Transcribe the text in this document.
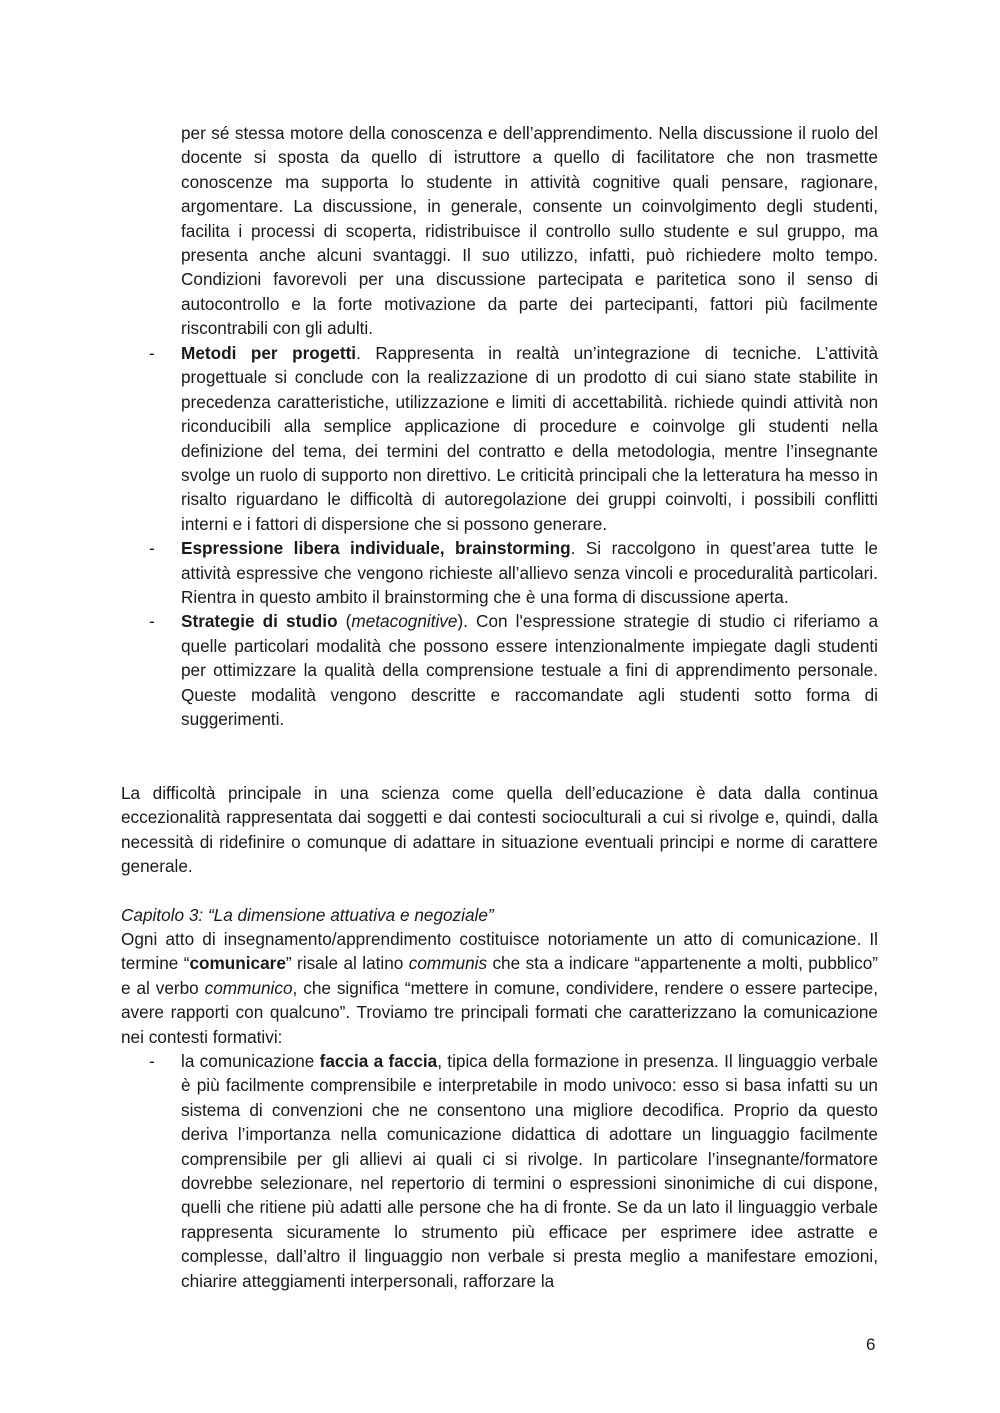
per sé stessa motore della conoscenza e dell’apprendimento. Nella discussione il ruolo del docente si sposta da quello di istruttore a quello di facilitatore che non trasmette conoscenze ma supporta lo studente in attività cognitive quali pensare, ragionare, argomentare. La discussione, in generale, consente un coinvolgimento degli studenti, facilita i processi di scoperta, ridistribuisce il controllo sullo studente e sul gruppo, ma presenta anche alcuni svantaggi. Il suo utilizzo, infatti, può richiedere molto tempo. Condizioni favorevoli per una discussione partecipata e paritetica sono il senso di autocontrollo e la forte motivazione da parte dei partecipanti, fattori più facilmente riscontrabili con gli adulti.

- Metodi per progetti. Rappresenta in realtà un’integrazione di tecniche. L’attività progettuale si conclude con la realizzazione di un prodotto di cui siano state stabilite in precedenza caratteristiche, utilizzazione e limiti di accettabilità. richiede quindi attività non riconducibili alla semplice applicazione di procedure e coinvolge gli studenti nella definizione del tema, dei termini del contratto e della metodologia, mentre l’insegnante svolge un ruolo di supporto non direttivo. Le criticità principali che la letteratura ha messo in risalto riguardano le difficoltà di autoregolazione dei gruppi coinvolti, i possibili conflitti interni e i fattori di dispersione che si possono generare.
- Espressione libera individuale, brainstorming. Si raccolgono in quest’area tutte le attività espressive che vengono richieste all’allievo senza vincoli e proceduralità particolari. Rientra in questo ambito il brainstorming che è una forma di discussione aperta.
- Strategie di studio (metacognitive). Con l'espressione strategie di studio ci riferiamo a quelle particolari modalità che possono essere intenzionalmente impiegate dagli studenti per ottimizzare la qualità della comprensione testuale a fini di apprendimento personale. Queste modalità vengono descritte e raccomandate agli studenti sotto forma di suggerimenti.

La difficoltà principale in una scienza come quella dell’educazione è data dalla continua eccezionalità rappresentata dai soggetti e dai contesti socioculturali a cui si rivolge e, quindi, dalla necessità di ridefinire o comunque di adattare in situazione eventuali principi e norme di carattere generale.

Capitolo 3: “La dimensione attuativa e negoziale”

Ogni atto di insegnamento/apprendimento costituisce notoriamente un atto di comunicazione. Il termine “comunicare” risale al latino communis che sta a indicare “appartenente a molti, pubblico” e al verbo communico, che significa “mettere in comune, condividere, rendere o essere partecipe, avere rapporti con qualcuno”. Troviamo tre principali formati che caratterizzano la comunicazione nei contesti formativi:

- la comunicazione faccia a faccia, tipica della formazione in presenza. Il linguaggio verbale è più facilmente comprensibile e interpretabile in modo univoco: esso si basa infatti su un sistema di convenzioni che ne consentono una migliore decodifica. Proprio da questo deriva l’importanza nella comunicazione didattica di adottare un linguaggio facilmente comprensibile per gli allievi ai quali ci si rivolge. In particolare l’insegnante/formatore dovrebbe selezionare, nel repertorio di termini o espressioni sinonimiche di cui dispone, quelli che ritiene più adatti alle persone che ha di fronte. Se da un lato il linguaggio verbale rappresenta sicuramente lo strumento più efficace per esprimere idee astratte e complesse, dall’altro il linguaggio non verbale si presta meglio a manifestare emozioni, chiarire atteggiamenti interpersonali, rafforzare la
6
